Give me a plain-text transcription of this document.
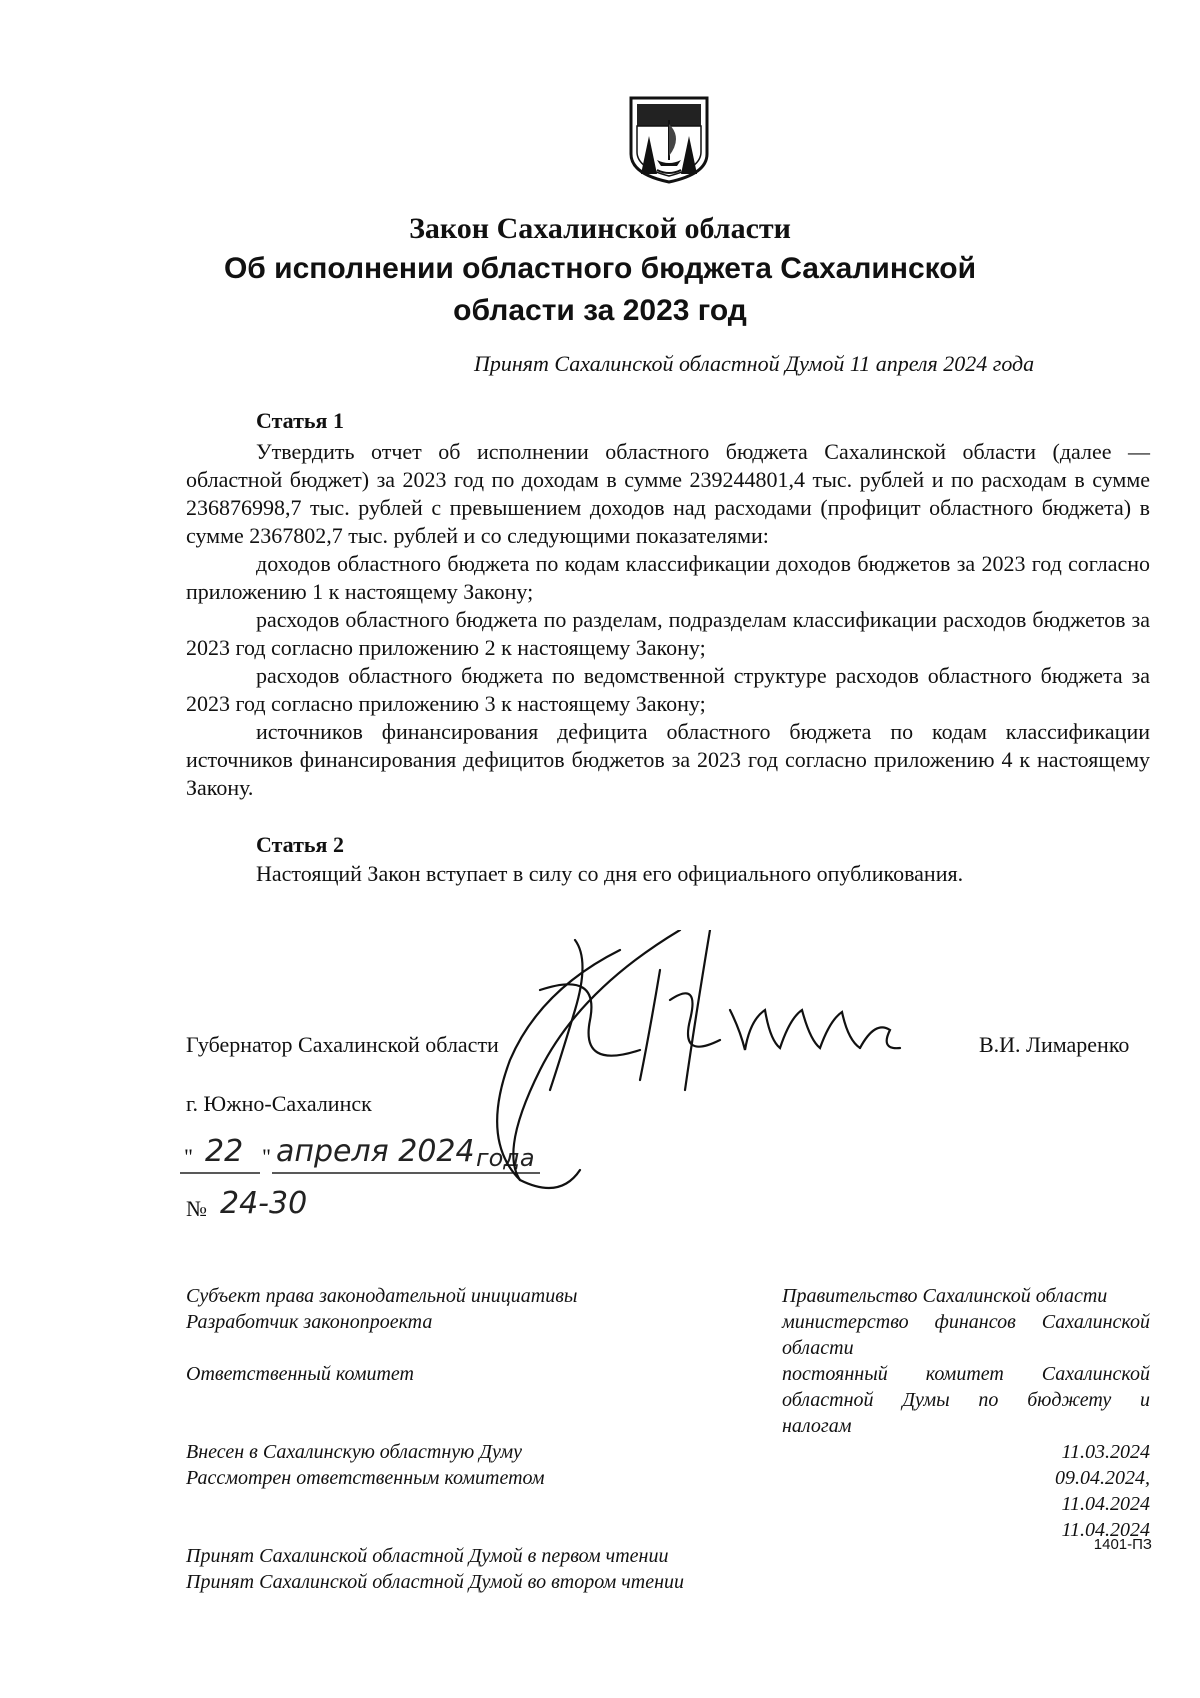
Закон Сахалинской области
Об исполнении областного бюджета Сахалинской
области за 2023 год
Принят Сахалинской областной Думой 11 апреля 2024 года
Статья 1

Утвердить отчет об исполнении областного бюджета Сахалинской области (далее — областной бюджет) за 2023 год по доходам в сумме 239244801,4 тыс. рублей и по расходам в сумме 236876998,7 тыс. рублей с превышением доходов над расходами (профицит областного бюджета) в сумме 2367802,7 тыс. рублей и со следующими показателями:

доходов областного бюджета по кодам классификации доходов бюджетов за 2023 год согласно приложению 1 к настоящему Закону;

расходов областного бюджета по разделам, подразделам классификации расходов бюджетов за 2023 год согласно приложению 2 к настоящему Закону;

расходов областного бюджета по ведомственной структуре расходов областного бюджета за 2023 год согласно приложению 3 к настоящему Закону;

источников финансирования дефицита областного бюджета по кодам классификации источников финансирования дефицитов бюджетов за 2023 год согласно приложению 4 к настоящему Закону.

Статья 2

Настоящий Закон вступает в силу со дня его официального опубликования.

Губернатор Сахалинской области	В.И. Лимаренко
г. Южно-Сахалинск
" 22 " апреля 2024 года
№ 24-30
Субъект права законодательной инициативы
Разработчик законопроекта
Ответственный комитет
Внесен в Сахалинскую областную Думу
Рассмотрен ответственным комитетом
Принят Сахалинской областной Думой в первом чтении
Принят Сахалинской областной Думой во втором чтении
Правительство Сахалинской области
министерство финансов Сахалинской
области
постоянный комитет Сахалинской
областной Думы по бюджету и
налогам
11.03.2024
09.04.2024,
11.04.2024
11.04.2024
1401-ПЗ
